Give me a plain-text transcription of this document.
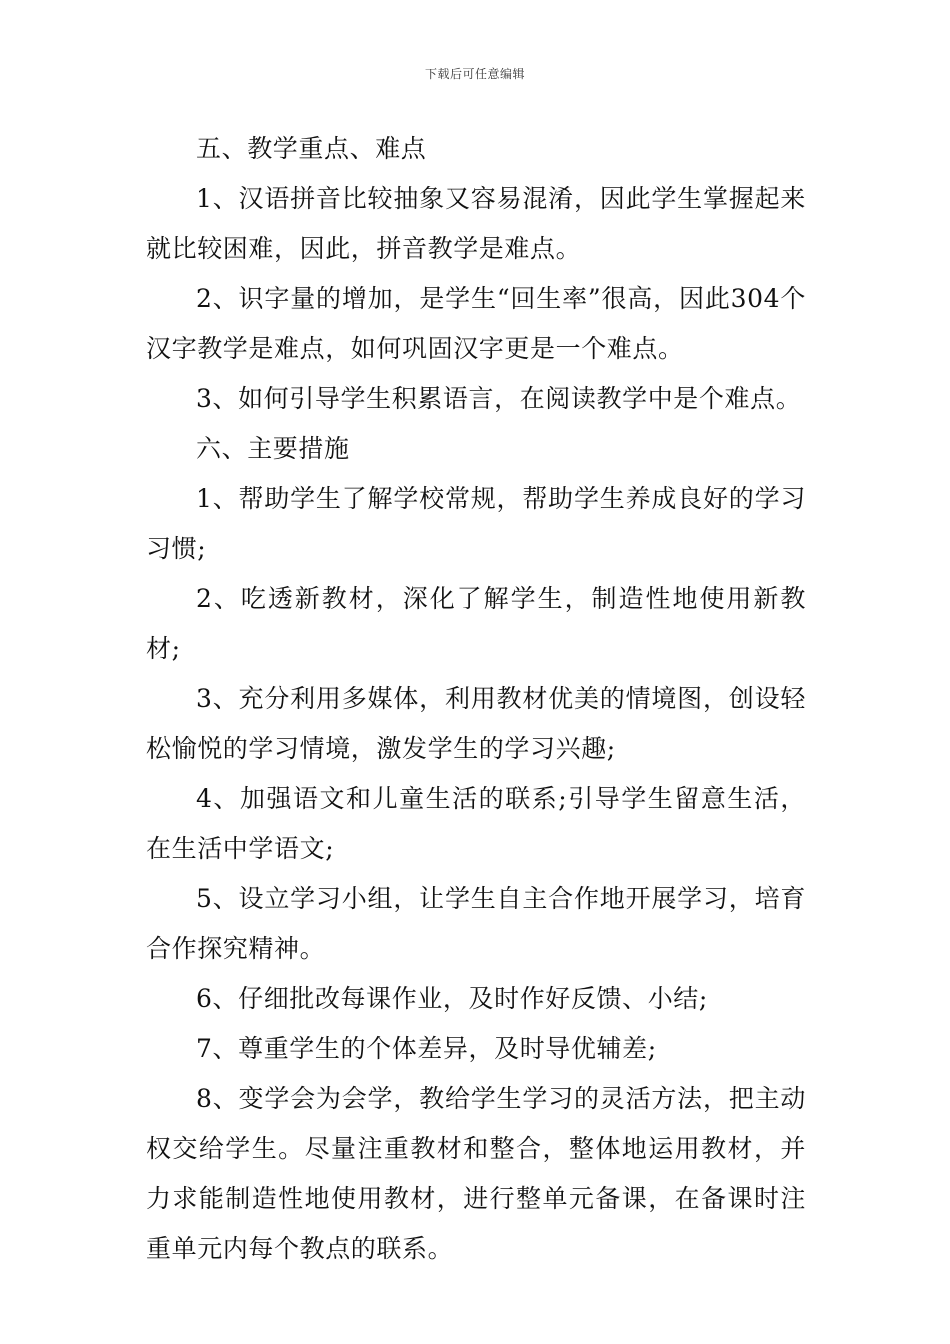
下载后可任意编辑

五、教学重点、难点

1、汉语拼音比较抽象又容易混淆，因此学生掌握起来就比较困难，因此，拼音教学是难点。

2、识字量的增加，是学生“回生率”很高，因此304个汉字教学是难点，如何巩固汉字更是一个难点。

3、如何引导学生积累语言，在阅读教学中是个难点。

六、主要措施

1、帮助学生了解学校常规，帮助学生养成良好的学习习惯;

2、吃透新教材，深化了解学生，制造性地使用新教材;

3、充分利用多媒体，利用教材优美的情境图，创设轻松愉悦的学习情境，激发学生的学习兴趣;

4、加强语文和儿童生活的联系;引导学生留意生活，在生活中学语文;

5、设立学习小组，让学生自主合作地开展学习，培育合作探究精神。

6、仔细批改每课作业，及时作好反馈、小结;

7、尊重学生的个体差异，及时导优辅差;

8、变学会为会学，教给学生学习的灵活方法，把主动权交给学生。尽量注重教材和整合，整体地运用教材，并力求能制造性地使用教材，进行整单元备课，在备课时注重单元内每个教点的联系。
